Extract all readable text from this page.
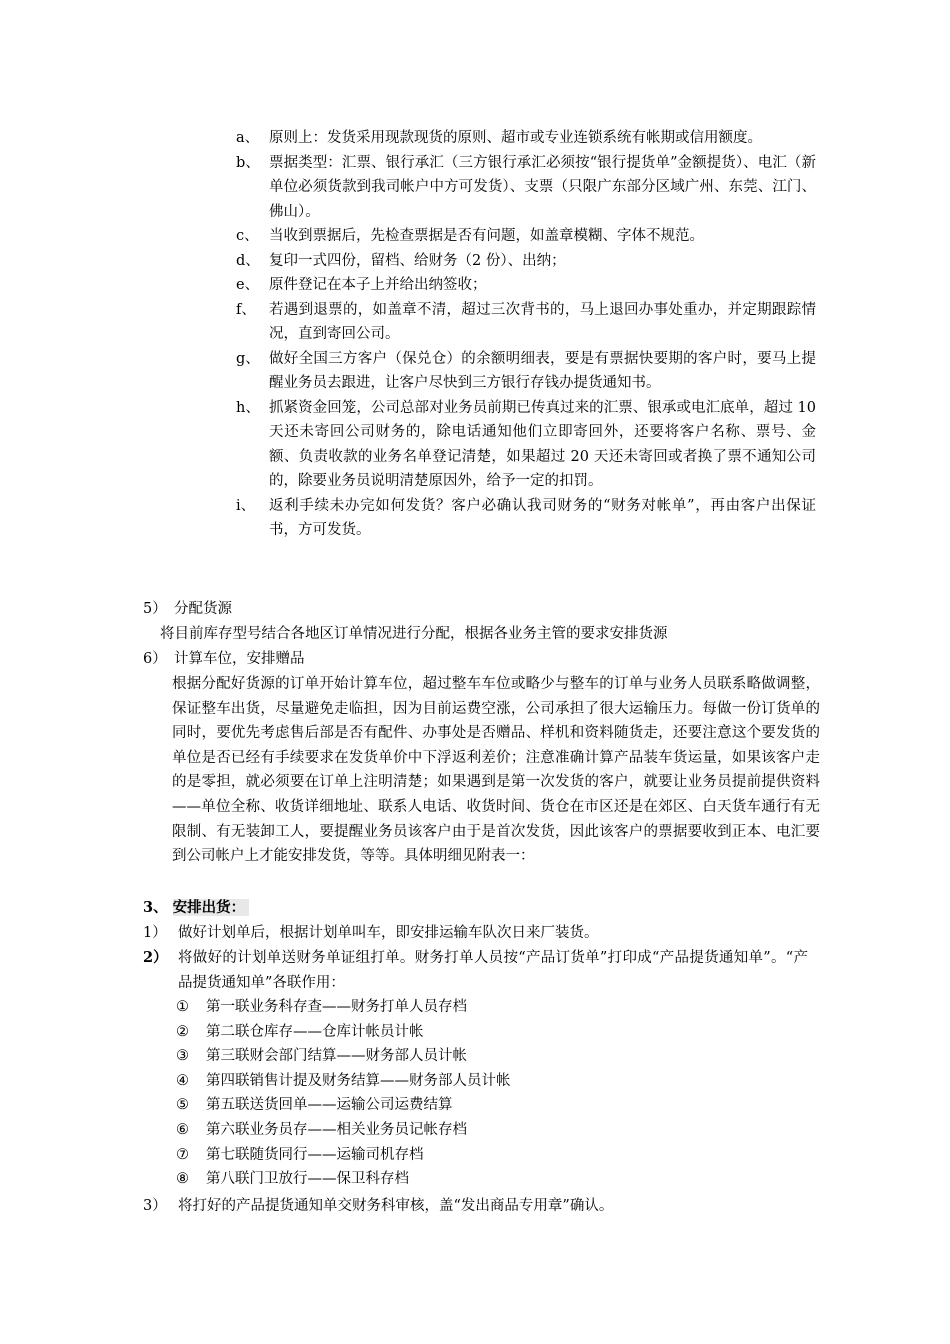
a、 原则上：发货采用现款现货的原则、超市或专业连锁系统有帐期或信用额度。
b、 票据类型：汇票、银行承汇（三方银行承汇必须按“银行提货单”金额提货）、电汇（新单位必须货款到我司帐户中方可发货）、支票（只限广东部分区域广州、东莞、江门、佛山）。
c、 当收到票据后，先检查票据是否有问题，如盖章模糊、字体不规范。
d、 复印一式四份，留档、给财务（2 份）、出纳；
e、 原件登记在本子上并给出纳签收；
f、 若遇到退票的，如盖章不清，超过三次背书的，马上退回办事处重办，并定期跟踪情况，直到寄回公司。
g、 做好全国三方客户（保兑仓）的余额明细表，要是有票据快要期的客户时，要马上提醒业务员去跟进，让客户尽快到三方银行存钱办提货通知书。
h、 抓紧资金回笼，公司总部对业务员前期已传真过来的汇票、银承或电汇底单，超过 10 天还未寄回公司财务的，除电话通知他们立即寄回外，还要将客户名称、票号、金额、负责收款的业务名单登记清楚，如果超过 20 天还未寄回或者换了票不通知公司的，除要业务员说明清楚原因外，给予一定的扣罚。
i、 返利手续未办完如何发货？客户必确认我司财务的“财务对帐单”，再由客户出保证书，方可发货。
5） 分配货源
将目前库存型号结合各地区订单情况进行分配，根据各业务主管的要求安排货源
6） 计算车位，安排赠品
根据分配好货源的订单开始计算车位，超过整车车位或略少与整车的订单与业务人员联系略做调整，保证整车出货，尽量避免走临担，因为目前运费空涨，公司承担了很大运输压力。每做一份订货单的同时，要优先考虑售后部是否有配件、办事处是否赠品、样机和资料随货走，还要注意这个要发货的单位是否已经有手续要求在发货单价中下浮返利差价；注意准确计算产品装车货运量，如果该客户走的是零担，就必须要在订单上注明清楚；如果遇到是第一次发货的客户，就要让业务员提前提供资料——单位全称、收货详细地址、联系人电话、收货时间、货仓在市区还是在郊区、白天货车通行有无限制、有无装卸工人，要提醒业务员该客户由于是首次发货，因此该客户的票据要收到正本、电汇要到公司帐户上才能安排发货，等等。具体明细见附表一：
3、 安排出货：
1） 做好计划单后，根据计划单叫车，即安排运输车队次日来厂装货。
2） 将做好的计划单送财务单证组打单。财务打单人员按“产品订货单”打印成“产品提货通知单”。“产品提货通知单”各联作用：
① 第一联业务科存查——财务打单人员存档
② 第二联仓库存——仓库计帐员计帐
③ 第三联财会部门结算——财务部人员计帐
④ 第四联销售计提及财务结算——财务部人员计帐
⑤ 第五联送货回单——运输公司运费结算
⑥ 第六联业务员存——相关业务员记帐存档
⑦ 第七联随货同行——运输司机存档
⑧ 第八联门卫放行——保卫科存档
3） 将打好的产品提货通知单交财务科审核，盖“发出商品专用章”确认。
